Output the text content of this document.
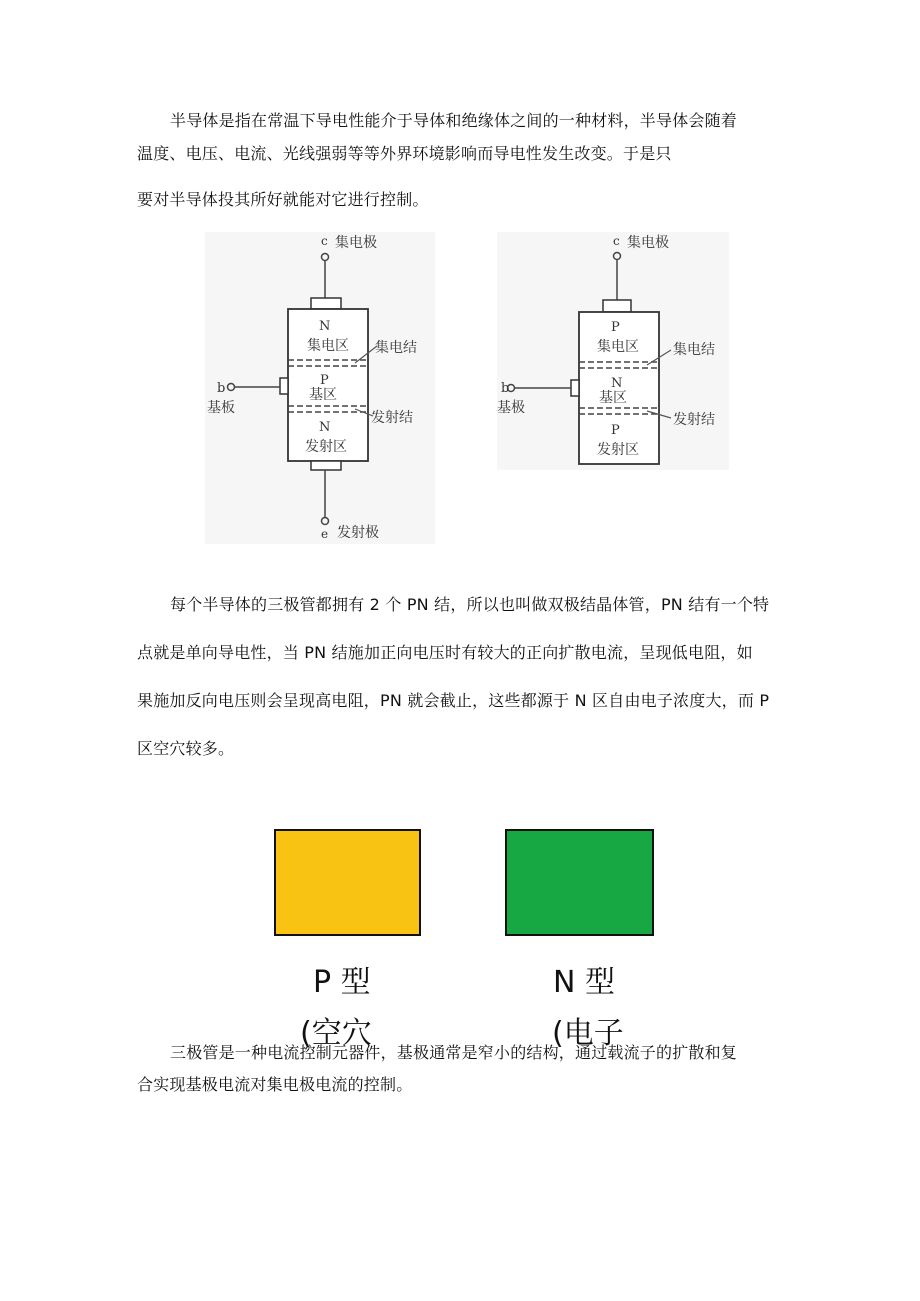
半导体是指在常温下导电性能介于导体和绝缘体之间的一种材料，半导体会随着

温度、电压、电流、光线强弱等等外界环境影响而导电性发生改变。于是只

要对半导体投其所好就能对它进行控制。

c 集电极
N
集电区 集电结
P
基区
b
基板
发射结
N
发射区
e 发射极
c 集电极
P
集电区 集电结
N
基区
b
基极
发射结
P
发射区

每个半导体的三极管都拥有 2 个 PN 结，所以也叫做双极结晶体管，PN 结有一个特

点就是单向导电性，当 PN 结施加正向电压时有较大的正向扩散电流，呈现低电阻，如

果施加反向电压则会呈现高电阻，PN 就会截止，这些都源于 N 区自由电子浓度大，而 P

区空穴较多。

P 型	N 型
(空穴	(电子

三极管是一种电流控制元器件，基极通常是窄小的结构，通过载流子的扩散和复

合实现基极电流对集电极电流的控制。
